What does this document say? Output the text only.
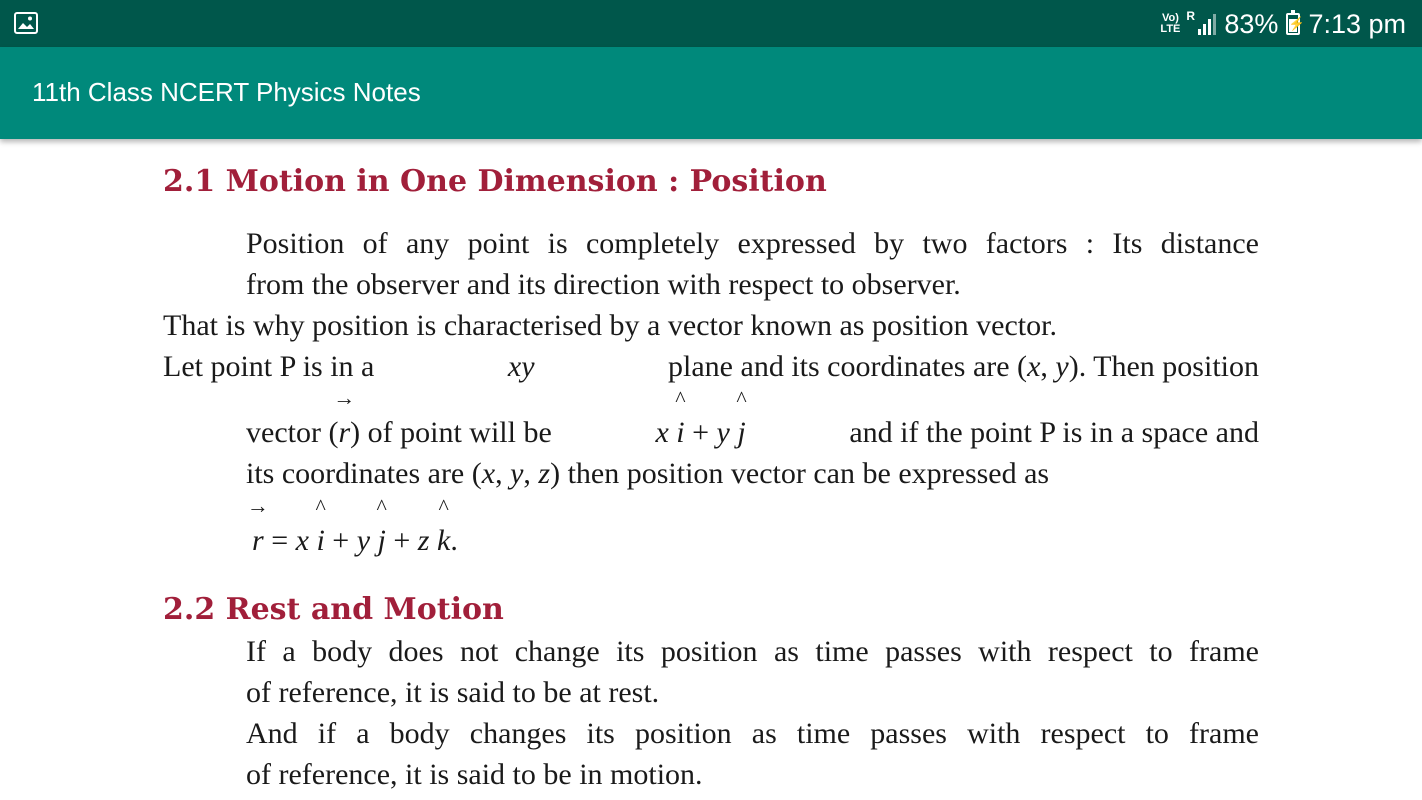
Vo)
LTE
R 83% ⚡ 7:13 pm
11th Class NCERT Physics Notes
2.1 Motion in One Dimension : Position
Position of any point is completely expressed by two factors : Its distance
from the observer and its direction with respect to observer.
That is why position is characterised by a vector known as position vector.
Let point P is in a	xy	plane and its coordinates are (x, y). Then position
vector (
→
r) of point will be	x
^
i + y
^
j	and if the point P is in a space and
its coordinates are (x, y, z) then position vector can be expressed as
→
r = x
^
i + y
^
j + z
^
k.
2.2 Rest and Motion
If a body does not change its position as time passes with respect to frame
of reference, it is said to be at rest.
And if a body changes its position as time passes with respect to frame
of reference, it is said to be in motion.
